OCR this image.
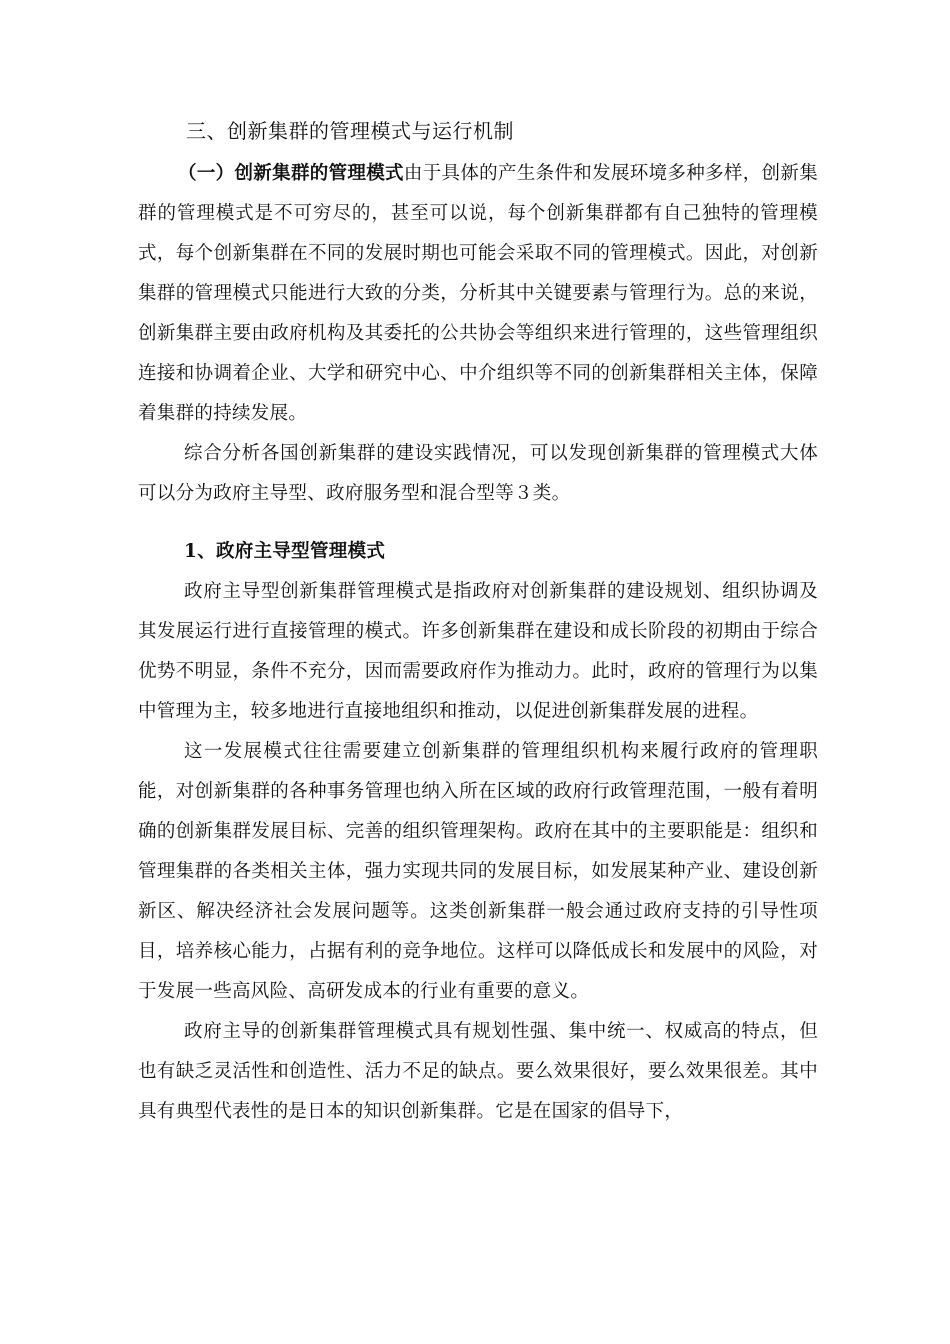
三、创新集群的管理模式与运行机制

（一）创新集群的管理模式由于具体的产生条件和发展环境多种多样，创新集群的管理模式是不可穷尽的，甚至可以说，每个创新集群都有自己独特的管理模式，每个创新集群在不同的发展时期也可能会采取不同的管理模式。因此，对创新集群的管理模式只能进行大致的分类，分析其中关键要素与管理行为。总的来说，创新集群主要由政府机构及其委托的公共协会等组织来进行管理的，这些管理组织连接和协调着企业、大学和研究中心、中介组织等不同的创新集群相关主体，保障着集群的持续发展。

综合分析各国创新集群的建设实践情况，可以发现创新集群的管理模式大体可以分为政府主导型、政府服务型和混合型等３类。

1、政府主导型管理模式

政府主导型创新集群管理模式是指政府对创新集群的建设规划、组织协调及其发展运行进行直接管理的模式。许多创新集群在建设和成长阶段的初期由于综合优势不明显，条件不充分，因而需要政府作为推动力。此时，政府的管理行为以集中管理为主，较多地进行直接地组织和推动，以促进创新集群发展的进程。

这一发展模式往往需要建立创新集群的管理组织机构来履行政府的管理职能，对创新集群的各种事务管理也纳入所在区域的政府行政管理范围，一般有着明确的创新集群发展目标、完善的组织管理架构。政府在其中的主要职能是：组织和管理集群的各类相关主体，强力实现共同的发展目标，如发展某种产业、建设创新新区、解决经济社会发展问题等。这类创新集群一般会通过政府支持的引导性项目，培养核心能力，占据有利的竞争地位。这样可以降低成长和发展中的风险，对于发展一些高风险、高研发成本的行业有重要的意义。

政府主导的创新集群管理模式具有规划性强、集中统一、权威高的特点，但也有缺乏灵活性和创造性、活力不足的缺点。要么效果很好，要么效果很差。其中具有典型代表性的是日本的知识创新集群。它是在国家的倡导下，
